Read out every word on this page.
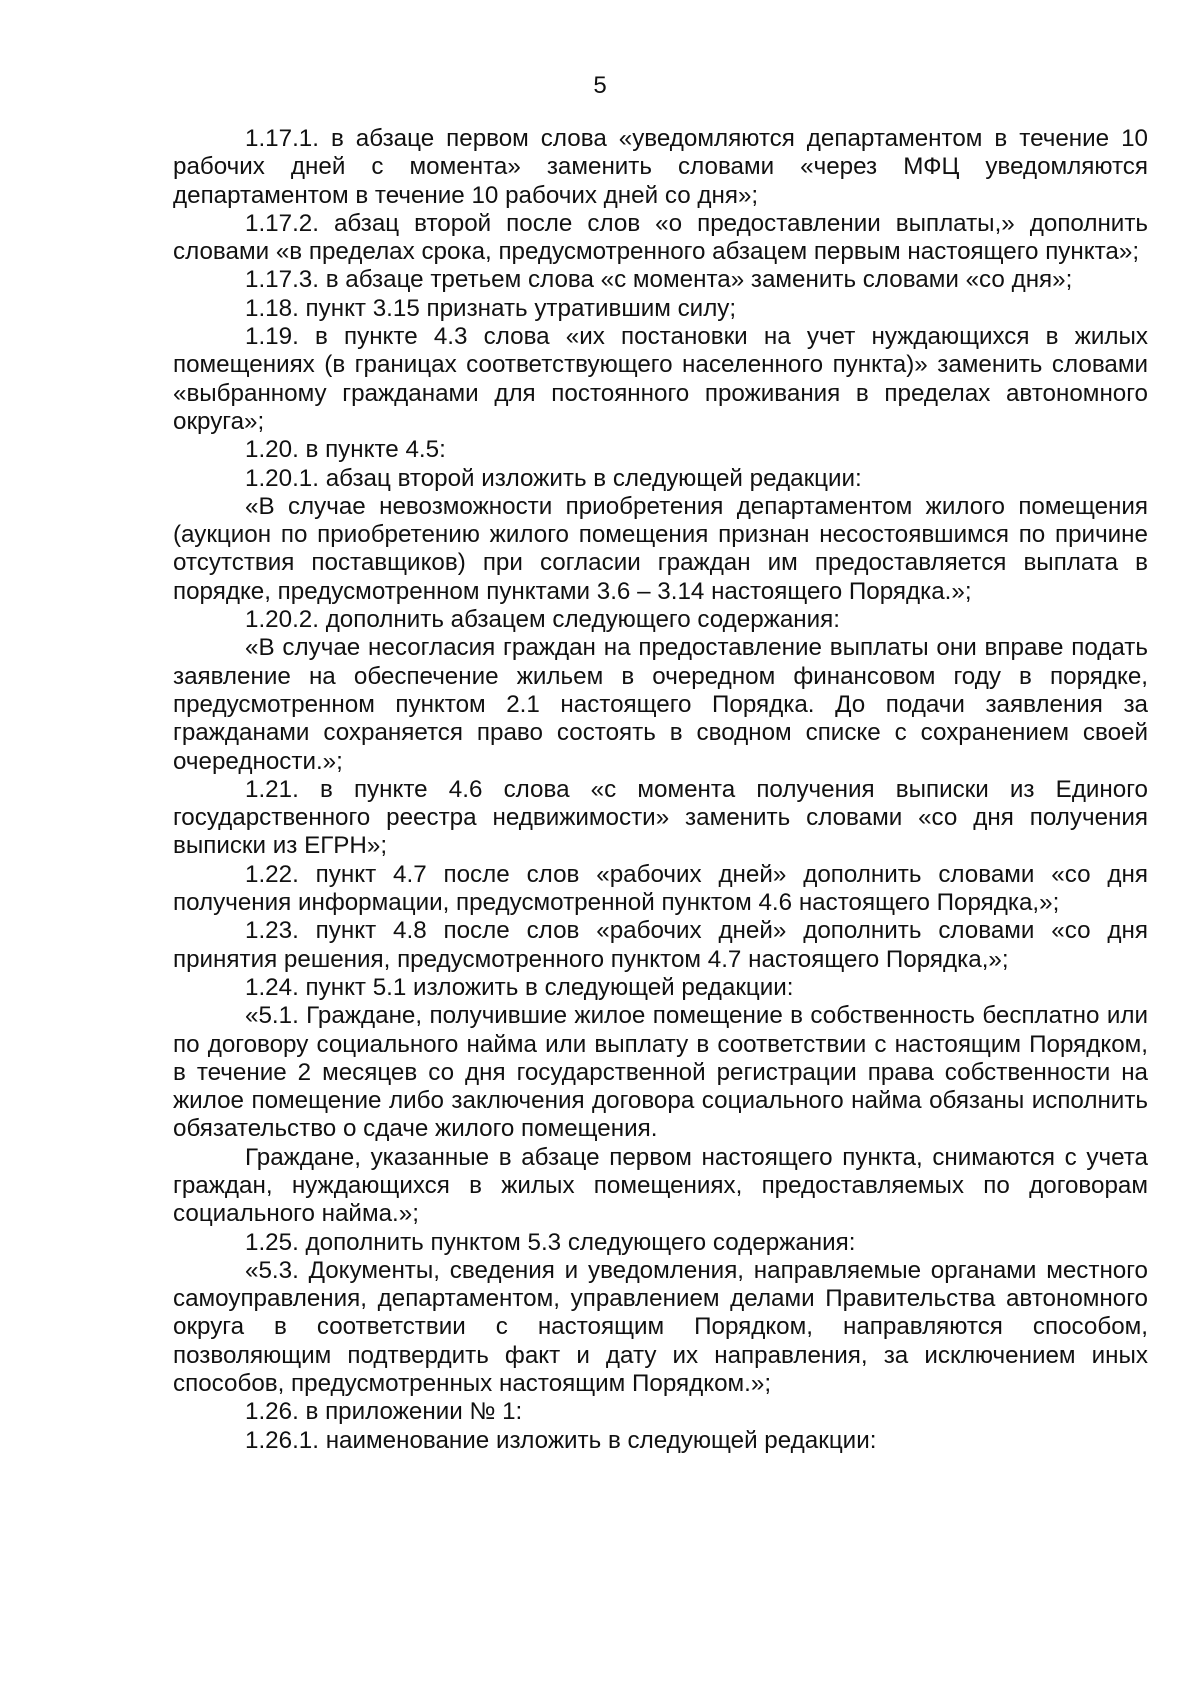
5

1.17.1. в абзаце первом слова «уведомляются департаментом в течение 10 рабочих дней с момента» заменить словами «через МФЦ уведомляются департаментом в течение 10 рабочих дней со дня»;

1.17.2. абзац второй после слов «о предоставлении выплаты,» дополнить словами «в пределах срока, предусмотренного абзацем первым настоящего пункта»;

1.17.3. в абзаце третьем слова «с момента» заменить словами «со дня»;

1.18. пункт 3.15 признать утратившим силу;

1.19. в пункте 4.3 слова «их постановки на учет нуждающихся в жилых помещениях (в границах соответствующего населенного пункта)» заменить словами «выбранному гражданами для постоянного проживания в пределах автономного округа»;

1.20. в пункте 4.5:

1.20.1. абзац второй изложить в следующей редакции:

«В случае невозможности приобретения департаментом жилого помещения (аукцион по приобретению жилого помещения признан несостоявшимся по причине отсутствия поставщиков) при согласии граждан им предоставляется выплата в порядке, предусмотренном пунктами 3.6 – 3.14 настоящего Порядка.»;

1.20.2. дополнить абзацем следующего содержания:

«В случае несогласия граждан на предоставление выплаты они вправе подать заявление на обеспечение жильем в очередном финансовом году в порядке, предусмотренном пунктом 2.1 настоящего Порядка. До подачи заявления за гражданами сохраняется право состоять в сводном списке с сохранением своей очередности.»;

1.21. в пункте 4.6 слова «с момента получения выписки из Единого государственного реестра недвижимости» заменить словами «со дня получения выписки из ЕГРН»;

1.22. пункт 4.7 после слов «рабочих дней» дополнить словами «со дня получения информации, предусмотренной пунктом 4.6 настоящего Порядка,»;

1.23. пункт 4.8 после слов «рабочих дней» дополнить словами «со дня принятия решения, предусмотренного пунктом 4.7 настоящего Порядка,»;

1.24. пункт 5.1 изложить в следующей редакции:

«5.1. Граждане, получившие жилое помещение в собственность бесплатно или по договору социального найма или выплату в соответствии с настоящим Порядком, в течение 2 месяцев со дня государственной регистрации права собственности на жилое помещение либо заключения договора социального найма обязаны исполнить обязательство о сдаче жилого помещения.

Граждане, указанные в абзаце первом настоящего пункта, снимаются с учета граждан, нуждающихся в жилых помещениях, предоставляемых по договорам социального найма.»;

1.25. дополнить пунктом 5.3 следующего содержания:

«5.3. Документы, сведения и уведомления, направляемые органами местного самоуправления, департаментом, управлением делами Правительства автономного округа в соответствии с настоящим Порядком, направляются способом, позволяющим подтвердить факт и дату их направления, за исключением иных способов, предусмотренных настоящим Порядком.»;

1.26. в приложении № 1:

1.26.1. наименование изложить в следующей редакции:
